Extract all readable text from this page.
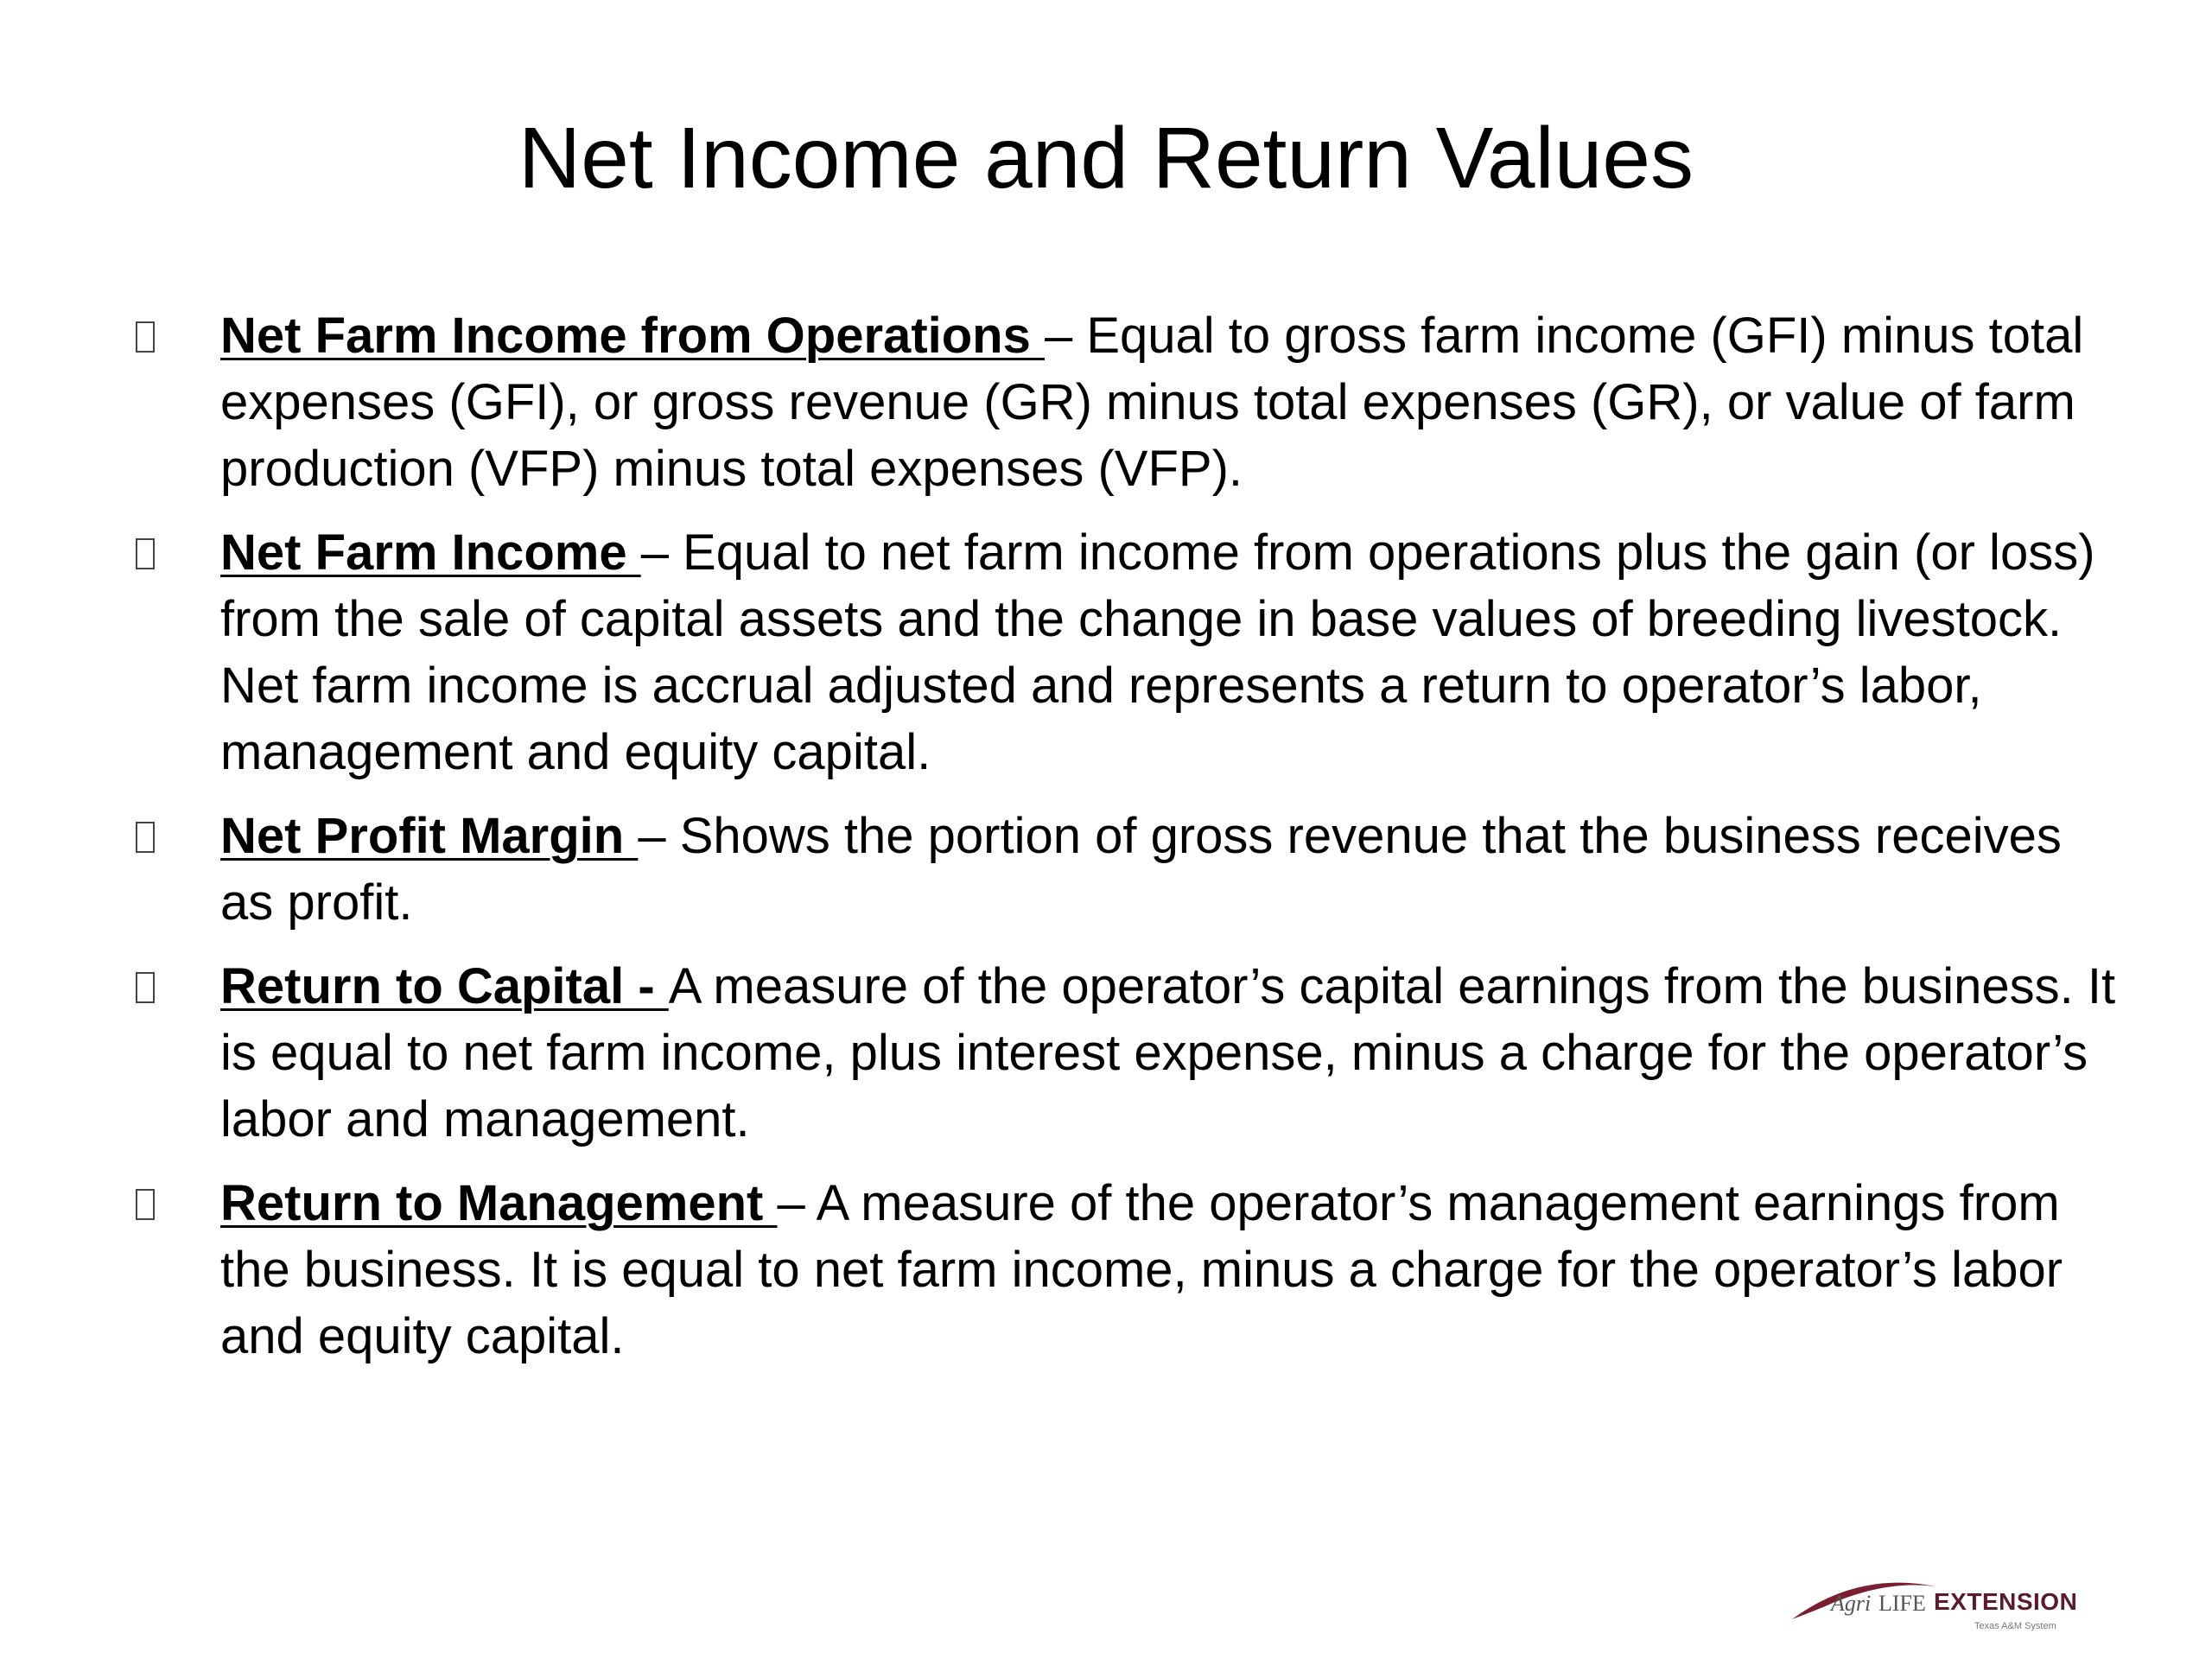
Net Income and Return Values
Net Farm Income from Operations – Equal to gross farm income (GFI) minus total expenses (GFI), or gross revenue (GR) minus total expenses (GR), or value of farm production (VFP) minus total expenses (VFP).
Net Farm Income – Equal to net farm income from operations plus the gain (or loss) from the sale of capital assets and the change in base values of breeding livestock. Net farm income is accrual adjusted and represents a return to operator’s labor, management and equity capital.
Net Profit Margin – Shows the portion of gross revenue that the business receives as profit.
Return to Capital - A measure of the operator’s capital earnings from the business. It is equal to net farm income, plus interest expense, minus a charge for the operator’s labor and management.
Return to Management – A measure of the operator’s management earnings from the business. It is equal to net farm income, minus a charge for the operator’s labor and equity capital.
Agri LIFE EXTENSION
Texas A&M System
